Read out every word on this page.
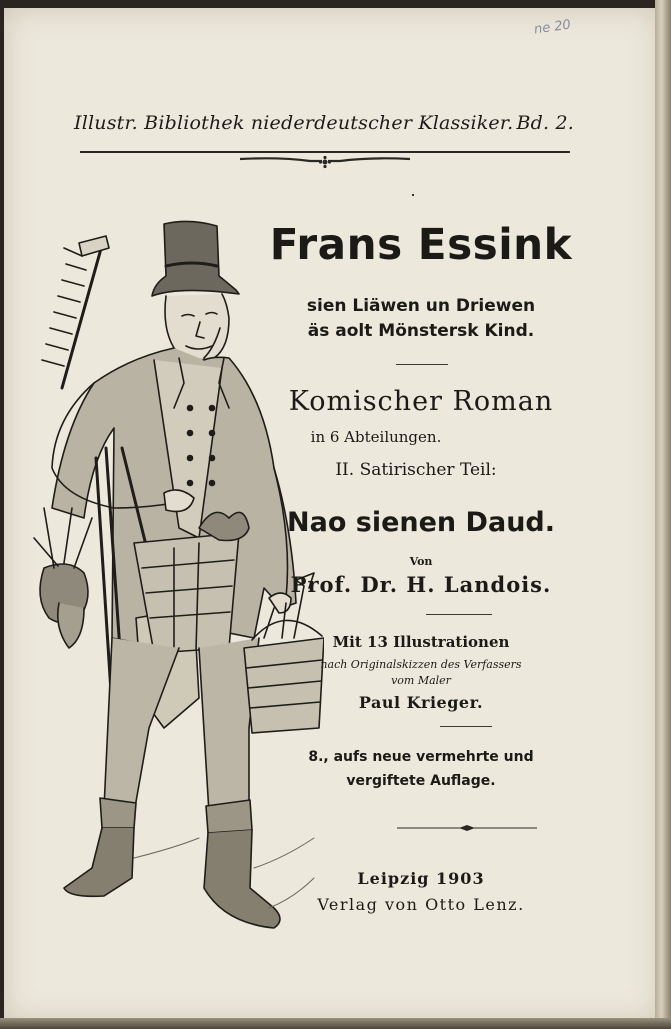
ne 20
Illustr. Bibliothek niederdeutscher Klassiker. Bd. 2.
Frans Essink
sien Liäwen un Driewen
äs aolt Mönstersk Kind.
Komischer Roman
in 6 Abteilungen.
II. Satirischer Teil:
Nao sienen Daud.
Von
Prof. Dr. H. Landois.
Mit 13 Illustrationen
nach Originalskizzen des Verfassers
vom Maler
Paul Krieger.
8., aufs neue vermehrte und
vergiftete Auflage.
Leipzig 1903
Verlag von Otto Lenz.
